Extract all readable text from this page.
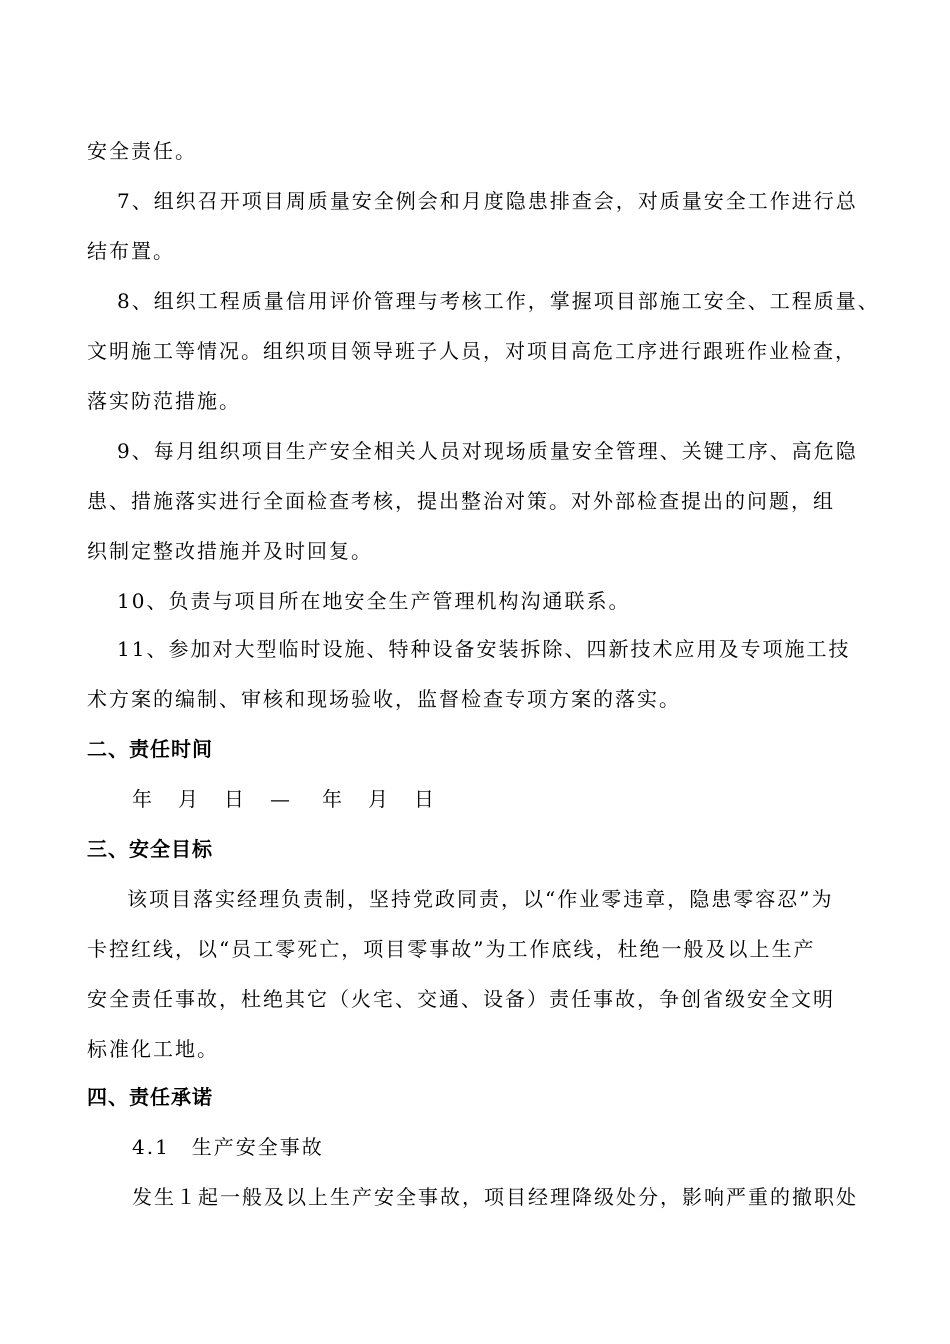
安全责任。
7、组织召开项目周质量安全例会和月度隐患排查会，对质量安全工作进行总
结布置。
8、组织工程质量信用评价管理与考核工作，掌握项目部施工安全、工程质量、
文明施工等情况。组织项目领导班子人员，对项目高危工序进行跟班作业检查，
落实防范措施。
9、每月组织项目生产安全相关人员对现场质量安全管理、关键工序、高危隐
患、措施落实进行全面检查考核，提出整治对策。对外部检查提出的问题，组
织制定整改措施并及时回复。
10、负责与项目所在地安全生产管理机构沟通联系。
11、参加对大型临时设施、特种设备安装拆除、四新技术应用及专项施工技
术方案的编制、审核和现场验收，监督检查专项方案的落实。
二、责任时间
年 月 日 — 年 月 日
三、安全目标
该项目落实经理负责制，坚持党政同责，以“作业零违章，隐患零容忍”为
卡控红线，以“员工零死亡，项目零事故”为工作底线，杜绝一般及以上生产
安全责任事故，杜绝其它（火宅、交通、设备）责任事故，争创省级安全文明
标准化工地。
四、责任承诺
4.1　生产安全事故
发生１起一般及以上生产安全事故，项目经理降级处分，影响严重的撤职处
